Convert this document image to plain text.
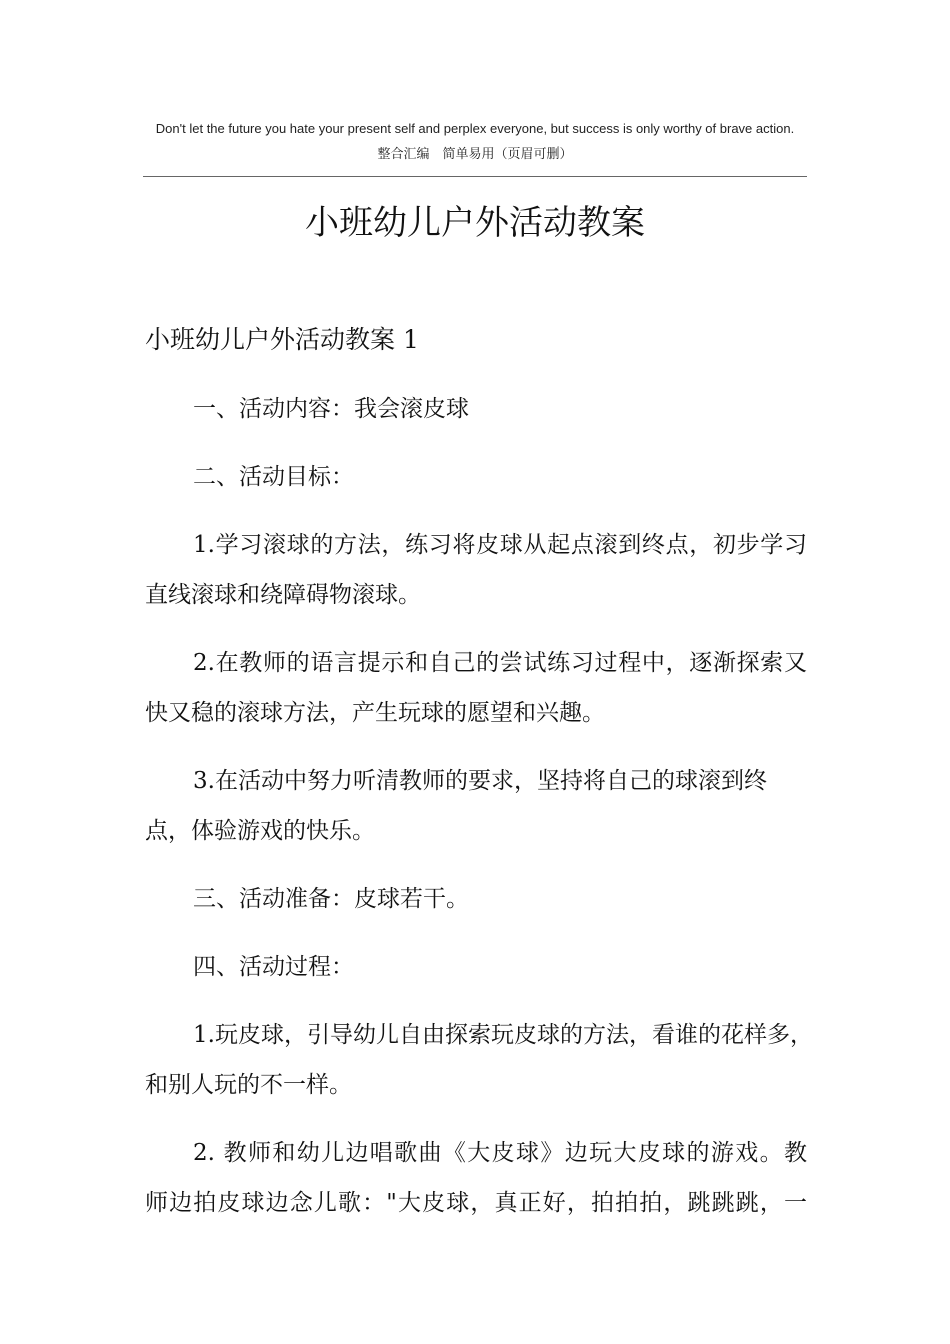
Don't let the future you hate your present self and perplex everyone, but success is only worthy of brave action.
整合汇编　简单易用（页眉可删）
小班幼儿户外活动教案
小班幼儿户外活动教案 1
一、活动内容：我会滚皮球
二、活动目标：
1.学习滚球的方法，练习将皮球从起点滚到终点，初步学习
直线滚球和绕障碍物滚球。
2.在教师的语言提示和自己的尝试练习过程中，逐渐探索又
快又稳的滚球方法，产生玩球的愿望和兴趣。
3.在活动中努力听清教师的要求，坚持将自己的球滚到终
点，体验游戏的快乐。
三、活动准备：皮球若干。
四、活动过程：
1.玩皮球，引导幼儿自由探索玩皮球的方法，看谁的花样多，
和别人玩的不一样。
2. 教师和幼儿边唱歌曲《大皮球》边玩大皮球的游戏。教
师边拍皮球边念儿歌："大皮球，真正好，拍拍拍，跳跳跳，一
